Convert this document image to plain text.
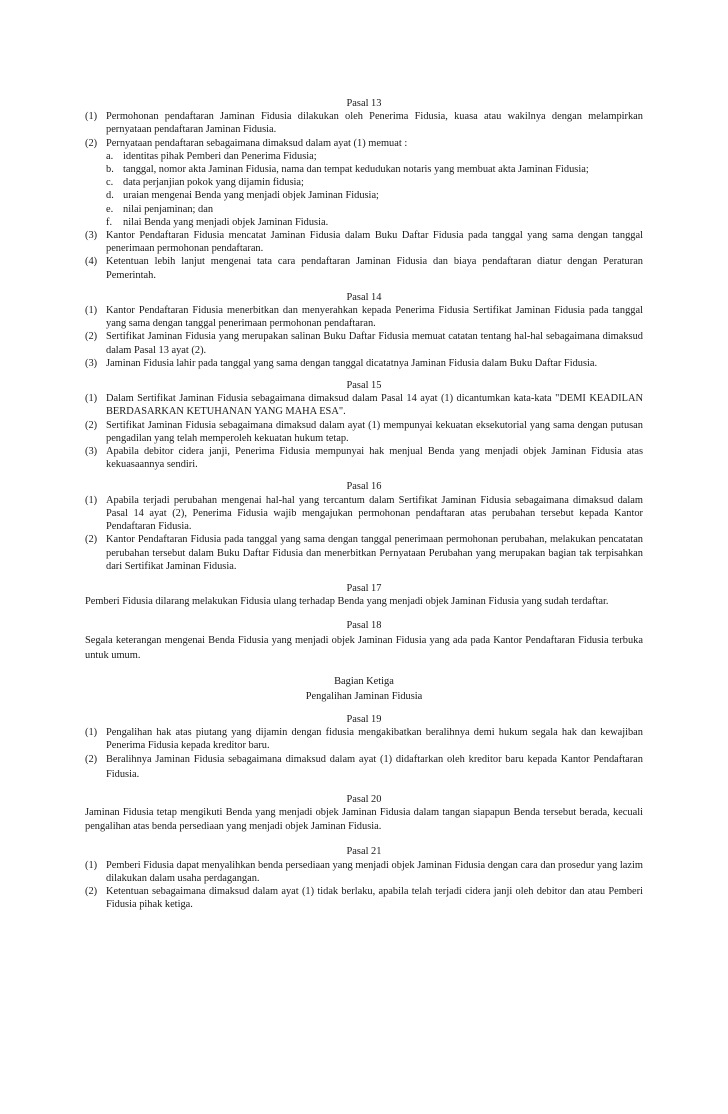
Pasal 13

(1) Permohonan pendaftaran Jaminan Fidusia dilakukan oleh Penerima Fidusia, kuasa atau wakilnya dengan melampirkan pernyataan pendaftaran Jaminan Fidusia.
(2) Pernyataan pendaftaran sebagaimana dimaksud dalam ayat (1) memuat :
a. identitas pihak Pemberi dan Penerima Fidusia;
b. tanggal, nomor akta Jaminan Fidusia, nama dan tempat kedudukan notaris yang membuat akta Jaminan Fidusia;
c. data perjanjian pokok yang dijamin fidusia;
d. uraian mengenai Benda yang menjadi objek Jaminan Fidusia;
e. nilai penjaminan; dan
f.	nilai Benda yang menjadi objek Jaminan Fidusia.
(3) Kantor Pendaftaran Fidusia mencatat Jaminan Fidusia dalam Buku Daftar Fidusia pada tanggal yang sama dengan tanggal penerimaan permohonan pendaftaran.
(4) Ketentuan lebih lanjut mengenai tata cara pendaftaran Jaminan Fidusia dan biaya pendaftaran diatur dengan Peraturan Pemerintah.

Pasal 14

(1) Kantor Pendaftaran Fidusia menerbitkan dan menyerahkan kepada Penerima Fidusia Sertifikat Jaminan Fidusia pada tanggal yang sama dengan tanggal penerimaan permohonan pendaftaran.
(2) Sertifikat Jaminan Fidusia yang merupakan salinan Buku Daftar Fidusia memuat catatan tentang hal-hal sebagaimana dimaksud dalam Pasal 13 ayat (2).
(3) Jaminan Fidusia lahir pada tanggal yang sama dengan tanggal dicatatnya Jaminan Fidusia dalam Buku Daftar Fidusia.

Pasal 15

(1) Dalam Sertifikat Jaminan Fidusia sebagaimana dimaksud dalam Pasal 14 ayat (1) dicantumkan kata-kata "DEMI KEADILAN BERDASARKAN KETUHANAN YANG MAHA ESA".
(2) Sertifikat Jaminan Fidusia sebagaimana dimaksud dalam ayat (1) mempunyai kekuatan eksekutorial yang sama dengan putusan pengadilan yang telah memperoleh kekuatan hukum tetap.
(3) Apabila debitor cidera janji, Penerima Fidusia mempunyai hak menjual Benda yang menjadi objek Jaminan Fidusia atas kekuasaannya sendiri.

Pasal 16

(1) Apabila terjadi perubahan mengenai hal-hal yang tercantum dalam Sertifikat Jaminan Fidusia sebagaimana dimaksud dalam Pasal 14 ayat (2), Penerima Fidusia wajib mengajukan permohonan pendaftaran atas perubahan tersebut kepada Kantor Pendaftaran Fidusia.
(2) Kantor Pendaftaran Fidusia pada tanggal yang sama dengan tanggal penerimaan permohonan perubahan, melakukan pencatatan perubahan tersebut dalam Buku Daftar Fidusia dan menerbitkan Pernyataan Perubahan yang merupakan bagian tak terpisahkan dari Sertifikat Jaminan Fidusia.

Pasal 17

Pemberi Fidusia dilarang melakukan Fidusia ulang terhadap Benda yang menjadi objek Jaminan Fidusia yang sudah terdaftar.

Pasal 18

Segala keterangan mengenai Benda Fidusia yang menjadi objek Jaminan Fidusia yang ada pada Kantor Pendaftaran Fidusia terbuka untuk umum.

Bagian Ketiga

Pengalihan Jaminan Fidusia

Pasal 19

(1) Pengalihan hak atas piutang yang dijamin dengan fidusia mengakibatkan beralihnya demi hukum segala hak dan kewajiban Penerima Fidusia kepada kreditor baru.
(2) Beralihnya Jaminan Fidusia sebagaimana dimaksud dalam ayat (1) didaftarkan oleh kreditor baru kepada Kantor Pendaftaran Fidusia.

Pasal 20

Jaminan Fidusia tetap mengikuti Benda yang menjadi objek Jaminan Fidusia dalam tangan siapapun Benda tersebut berada, kecuali pengalihan atas benda persediaan yang menjadi objek Jaminan Fidusia.

Pasal 21

(1) Pemberi Fidusia dapat menyalihkan benda persediaan yang menjadi objek Jaminan Fidusia dengan cara dan prosedur yang lazim dilakukan dalam usaha perdagangan.
(2) Ketentuan sebagaimana dimaksud dalam ayat (1) tidak berlaku, apabila telah terjadi cidera janji oleh debitor dan atau Pemberi Fidusia pihak ketiga.
